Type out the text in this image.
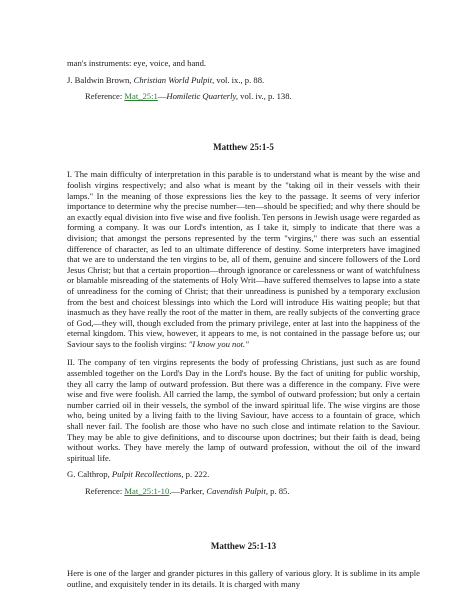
man's instruments: eye, voice, and hand.

J. Baldwin Brown, Christian World Pulpit, vol. ix., p. 88.

Reference: Mat_25:1—Homiletic Quarterly, vol. iv., p. 138.

Matthew 25:1-5

I. The main difficulty of interpretation in this parable is to understand what is meant by the wise and foolish virgins respectively; and also what is meant by the "taking oil in their vessels with their lamps." In the meaning of those expressions lies the key to the passage. It seems of very inferior importance to determine why the precise number—ten—should be specified; and why there should be an exactly equal division into five wise and five foolish. Ten persons in Jewish usage were regarded as forming a company. It was our Lord's intention, as I take it, simply to indicate that there was a division; that amongst the persons represented by the term "virgins," there was such an essential difference of character, as led to an ultimate difference of destiny. Some interpreters have imagined that we are to understand the ten virgins to be, all of them, genuine and sincere followers of the Lord Jesus Christ; but that a certain proportion—through ignorance or carelessness or want of watchfulness or blamable misreading of the statements of Holy Writ—have suffered themselves to lapse into a state of unreadiness for the coming of Christ; that their unreadiness is punished by a temporary exclusion from the best and choicest blessings into which the Lord will introduce His waiting people; but that inasmuch as they have really the root of the matter in them, are really subjects of the converting grace of God,—they will, though excluded from the primary privilege, enter at last into the happiness of the eternal kingdom. This view, however, it appears to me, is not contained in the passage before us; our Saviour says to the foolish virgins: "I know you not."

II. The company of ten virgins represents the body of professing Christians, just such as are found assembled together on the Lord's Day in the Lord's house. By the fact of uniting for public worship, they all carry the lamp of outward profession. But there was a difference in the company. Five were wise and five were foolish. All carried the lamp, the symbol of outward profession; but only a certain number carried oil in their vessels, the symbol of the inward spiritual life. The wise virgins are those who, being united by a living faith to the living Saviour, have access to a fountain of grace, which shall never fail. The foolish are those who have no such close and intimate relation to the Saviour. They may be able to give definitions, and to discourse upon doctrines; but their faith is dead, being without works. They have merely the lamp of outward profession, without the oil of the inward spiritual life.

G. Calthrop, Pulpit Recollections, p. 222.

Reference: Mat_25:1-10.—Parker, Cavendish Pulpit, p. 85.

Matthew 25:1-13

Here is one of the larger and grander pictures in this gallery of various glory. It is sublime in its ample outline, and exquisitely tender in its details. It is charged with many
